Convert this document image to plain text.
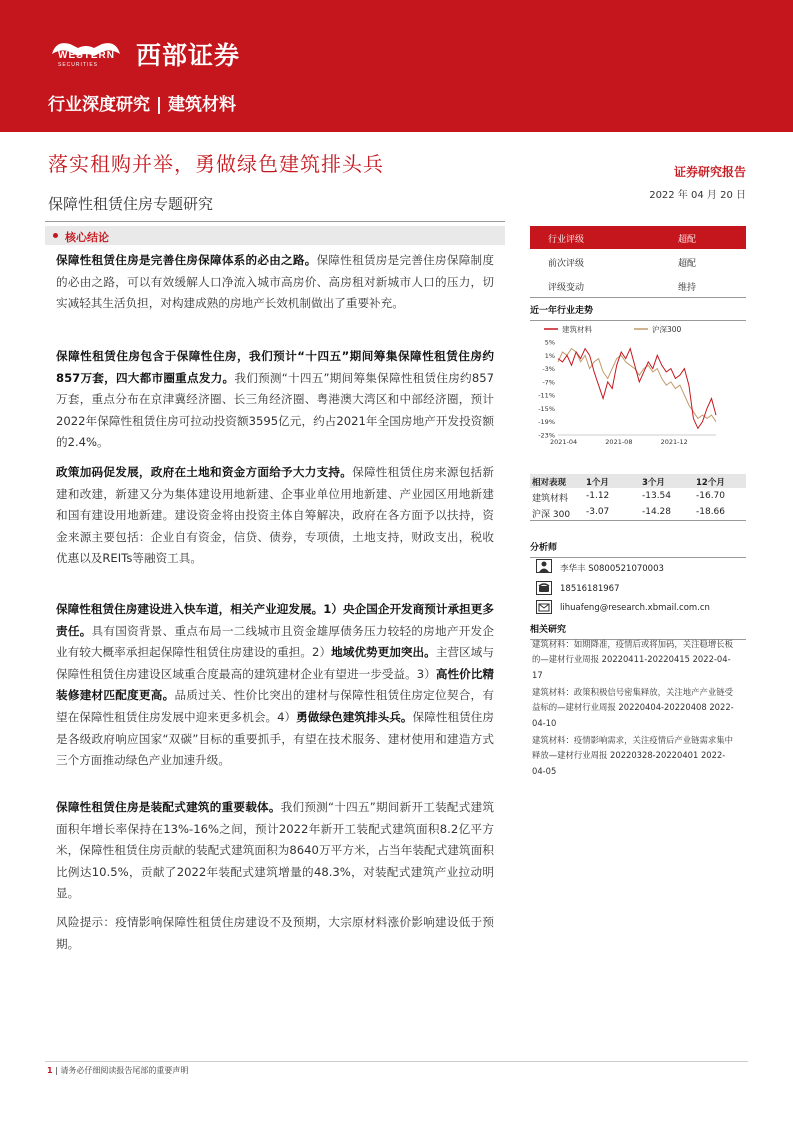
WESTERN
SECURITIES 西部证券
行业深度研究 | 建筑材料
落实租购并举，勇做绿色建筑排头兵
保障性租赁住房专题研究
证券研究报告
2022 年 04 月 20 日
核心结论
保障性租赁住房是完善住房保障体系的必由之路。保障性租赁房是完善住房保障制度的必由之路，可以有效缓解人口净流入城市高房价、高房租对新城市人口的压力，切实减轻其生活负担，对构建成熟的房地产长效机制做出了重要补充。
保障性租赁住房包含于保障性住房，我们预计“十四五”期间筹集保障性租赁住房约857万套，四大都市圈重点发力。我们预测“十四五”期间筹集保障性租赁住房约857万套，重点分布在京津冀经济圈、长三角经济圈、粤港澳大湾区和中部经济圈，预计2022年保障性租赁住房可拉动投资额3595亿元，约占2021年全国房地产开发投资额的2.4%。
政策加码促发展，政府在土地和资金方面给予大力支持。保障性租赁住房来源包括新建和改建，新建又分为集体建设用地新建、企事业单位用地新建、产业园区用地新建和国有建设用地新建。建设资金将由投资主体自筹解决，政府在各方面予以扶持，资金来源主要包括：企业自有资金，信贷、债券，专项债，土地支持，财政支出，税收优惠以及REITs等融资工具。
保障性租赁住房建设进入快车道，相关产业迎发展。1）央企国企开发商预计承担更多责任。具有国资背景、重点布局一二线城市且资金雄厚债务压力较轻的房地产开发企业有较大概率承担起保障性租赁住房建设的重担。2）地域优势更加突出。主营区域与保障性租赁住房建设区域重合度最高的建筑建材企业有望进一步受益。3）高性价比精装修建材匹配度更高。品质过关、性价比突出的建材与保障性租赁住房定位契合，有望在保障性租赁住房发展中迎来更多机会。4）勇做绿色建筑排头兵。保障性租赁住房是各级政府响应国家“双碳”目标的重要抓手，有望在技术服务、建材使用和建造方式三个方面推动绿色产业加速升级。
保障性租赁住房是装配式建筑的重要载体。我们预测“十四五”期间新开工装配式建筑面积年增长率保持在13%-16%之间，预计2022年新开工装配式建筑面积8.2亿平方米，保障性租赁住房贡献的装配式建筑面积为8640万平方米，占当年装配式建筑面积比例达10.5%，贡献了2022年装配式建筑增量的48.3%，对装配式建筑产业拉动明显。
风险提示：疫情影响保障性租赁住房建设不及预期，大宗原材料涨价影响建设低于预期。
行业评级	超配
前次评级	超配
评级变动	维持
近一年行业走势
建筑材料	沪深300
5%
1%
-3%
-7%
-11%
-15%
-19%
-23%
2021-04	2021-08	2021-12
相对表现 1个月	3个月	12个月
建筑材料 -1.12	-13.54	-16.70
沪深 300 -3.07	-14.28	-18.66
分析师
李华丰 S0800521070003
18516181967
lihuafeng@research.xbmail.com.cn
相关研究
建筑材料：如期降准，疫情后或将加码，关注稳增长板的—建材行业周报 20220411-20220415 2022-04-17
建筑材料：政策积极信号密集释放，关注地产产业链受益标的—建材行业周报 20220404-20220408 2022-04-10
建筑材料：疫情影响需求，关注疫情后产业链需求集中释放—建材行业周报 20220328-20220401 2022-04-05
1 | 请务必仔细阅读报告尾部的重要声明
